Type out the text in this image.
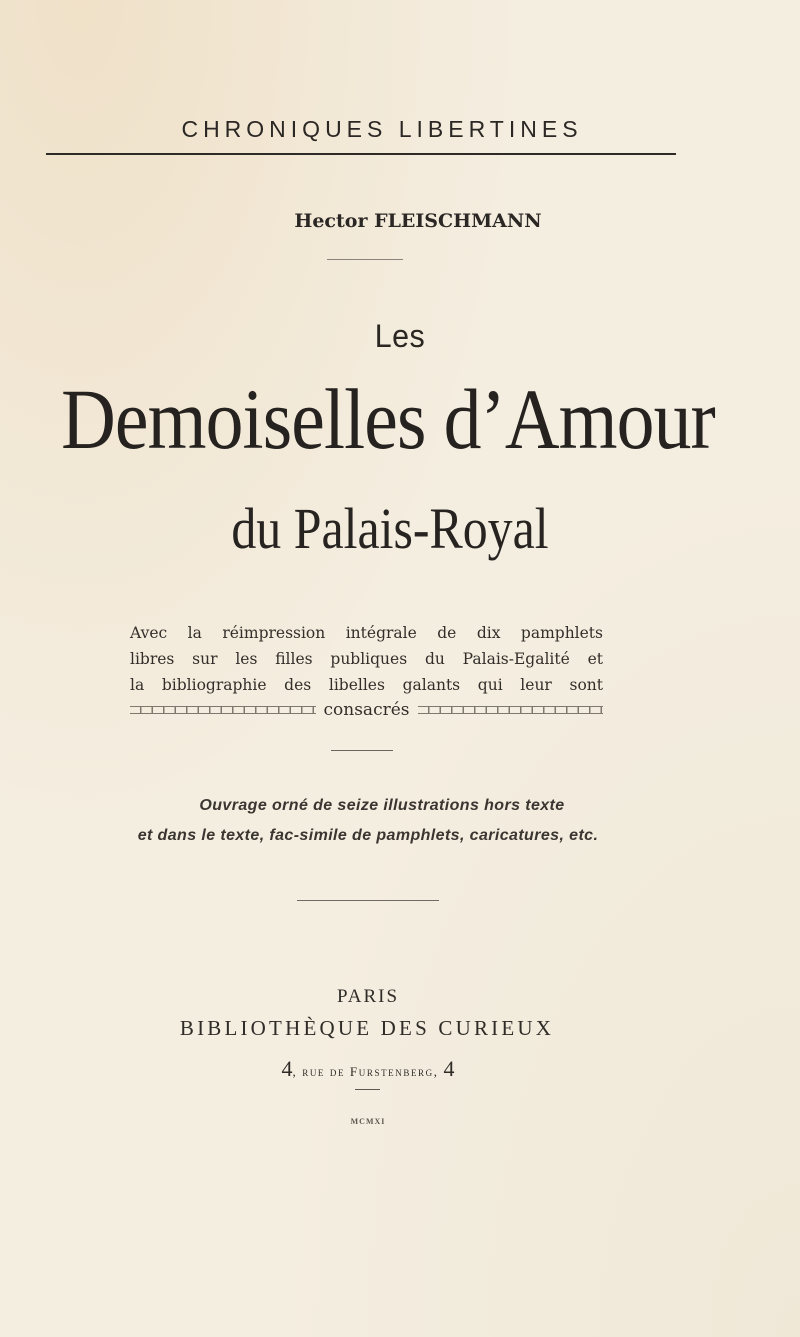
CHRONIQUES LIBERTINES
Hector FLEISCHMANN
Les
Demoiselles d’Amour
du Palais-Royal
Avec la réimpression intégrale de dix pamphlets
libres sur les filles publiques du Palais-Egalité et
la bibliographie des libelles galants qui leur sont
consacrés
Ouvrage orné de seize illustrations hors texte
et dans le texte, fac-simile de pamphlets, caricatures, etc.
PARIS
BIBLIOTHÈQUE DES CURIEUX
4, rue de Furstenberg, 4
MCMXI
